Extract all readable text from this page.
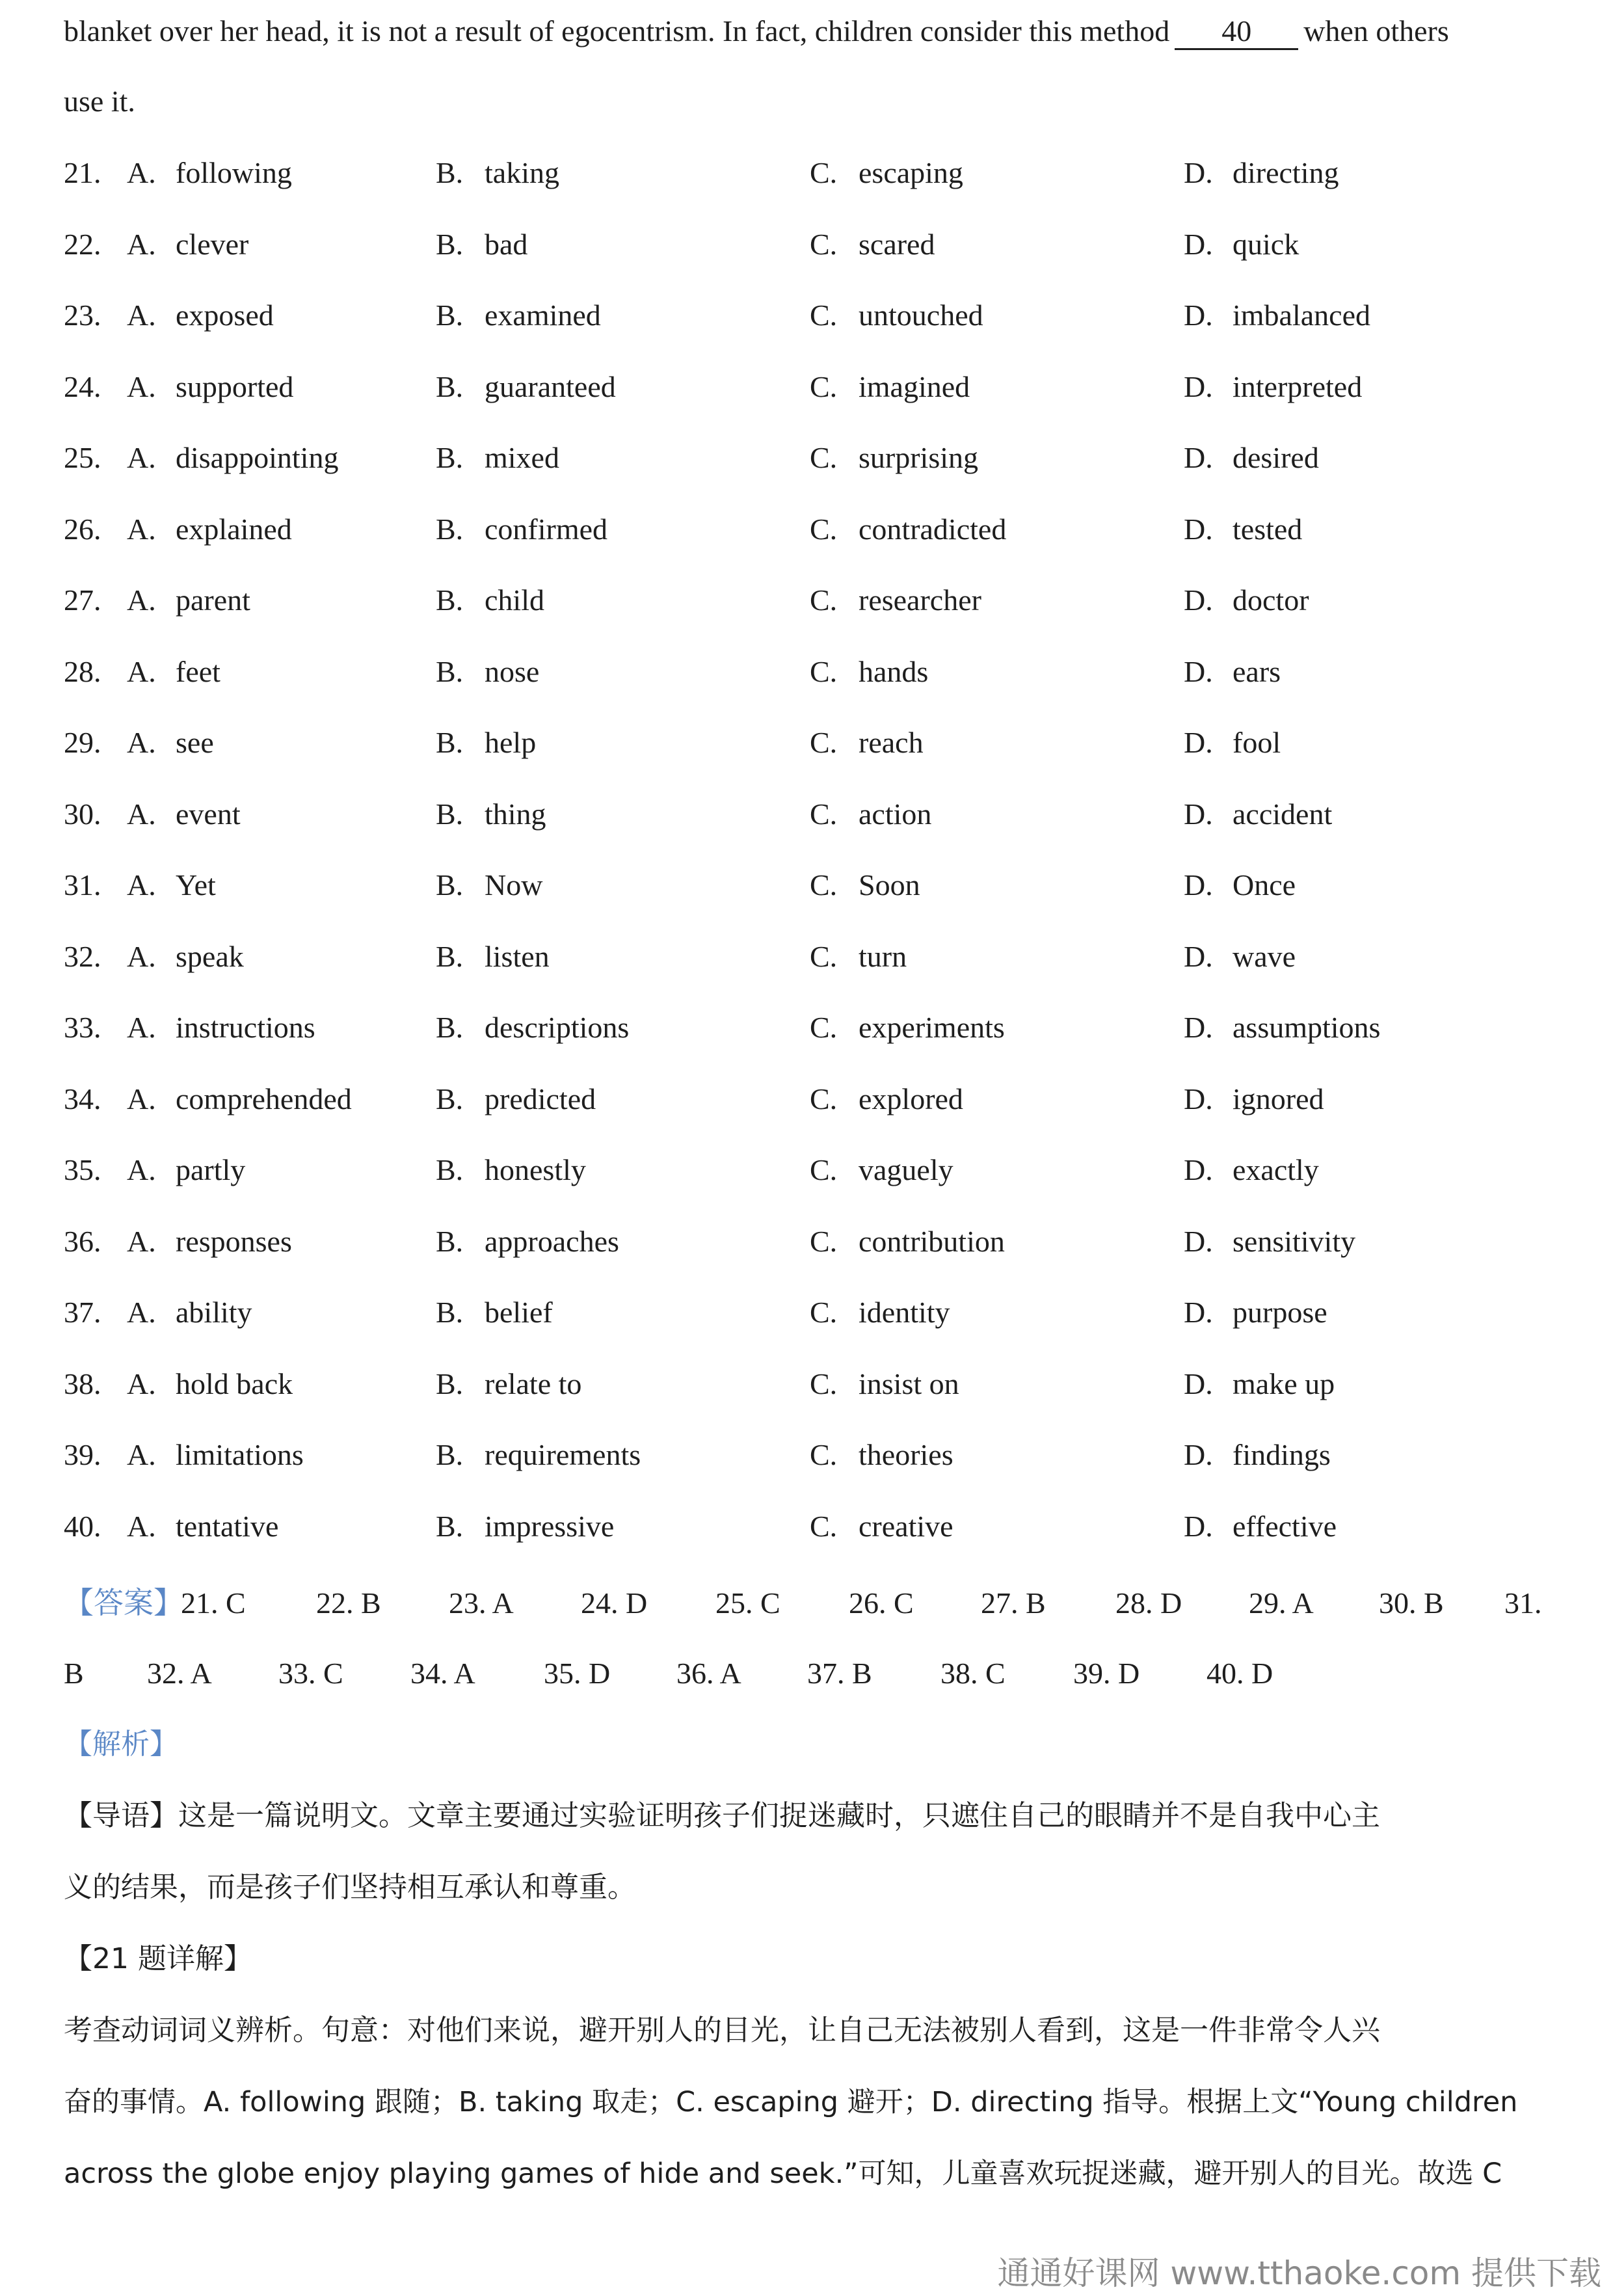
blanket over her head, it is not a result of egocentrism. In fact, children consider this method 40 when others
use it.
21. A. following	B. taking	C. escaping	D. directing
22. A. clever	B. bad	C. scared	D. quick
23. A. exposed	B. examined	C. untouched	D. imbalanced
24. A. supported	B. guaranteed	C. imagined	D. interpreted
25. A. disappointing	B. mixed	C. surprising	D. desired
26. A. explained	B. confirmed	C. contradicted	D. tested
27. A. parent	B. child	C. researcher	D. doctor
28. A. feet	B. nose	C. hands	D. ears
29. A. see	B. help	C. reach	D. fool
30. A. event	B. thing	C. action	D. accident
31. A. Yet	B. Now	C. Soon	D. Once
32. A. speak	B. listen	C. turn	D. wave
33. A. instructions	B. descriptions	C. experiments	D. assumptions
34. A. comprehended	B. predicted	C. explored	D. ignored
35. A. partly	B. honestly	C. vaguely	D. exactly
36. A. responses	B. approaches	C. contribution	D. sensitivity
37. A. ability	B. belief	C. identity	D. purpose
38. A. hold back	B. relate to	C. insist on	D. make up
39. A. limitations	B. requirements	C. theories	D. findings
40. A. tentative	B. impressive	C. creative	D. effective
【答案】
21. C 22. B 23. A 24. D 25. C 26. C 27. B 28. D 29. A 30. B 31.
B 32. A 33. C 34. A 35. D 36. A 37. B 38. C 39. D 40. D
【解析】
【导语】这是一篇说明文。文章主要通过实验证明孩子们捉迷藏时，只遮住自己的眼睛并不是自我中心主
义的结果，而是孩子们坚持相互承认和尊重。
【21 题详解】
考查动词词义辨析。句意：对他们来说，避开别人的目光，让自己无法被别人看到，这是一件非常令人兴
奋的事情。A. following 跟随；B. taking 取走；C. escaping 避开；D. directing 指导。根据上文“Young children
across the globe enjoy playing games of hide and seek.”可知，儿童喜欢玩捉迷藏，避开别人的目光。故选 C
通通好课网 www.tthaoke.com 提供下载
